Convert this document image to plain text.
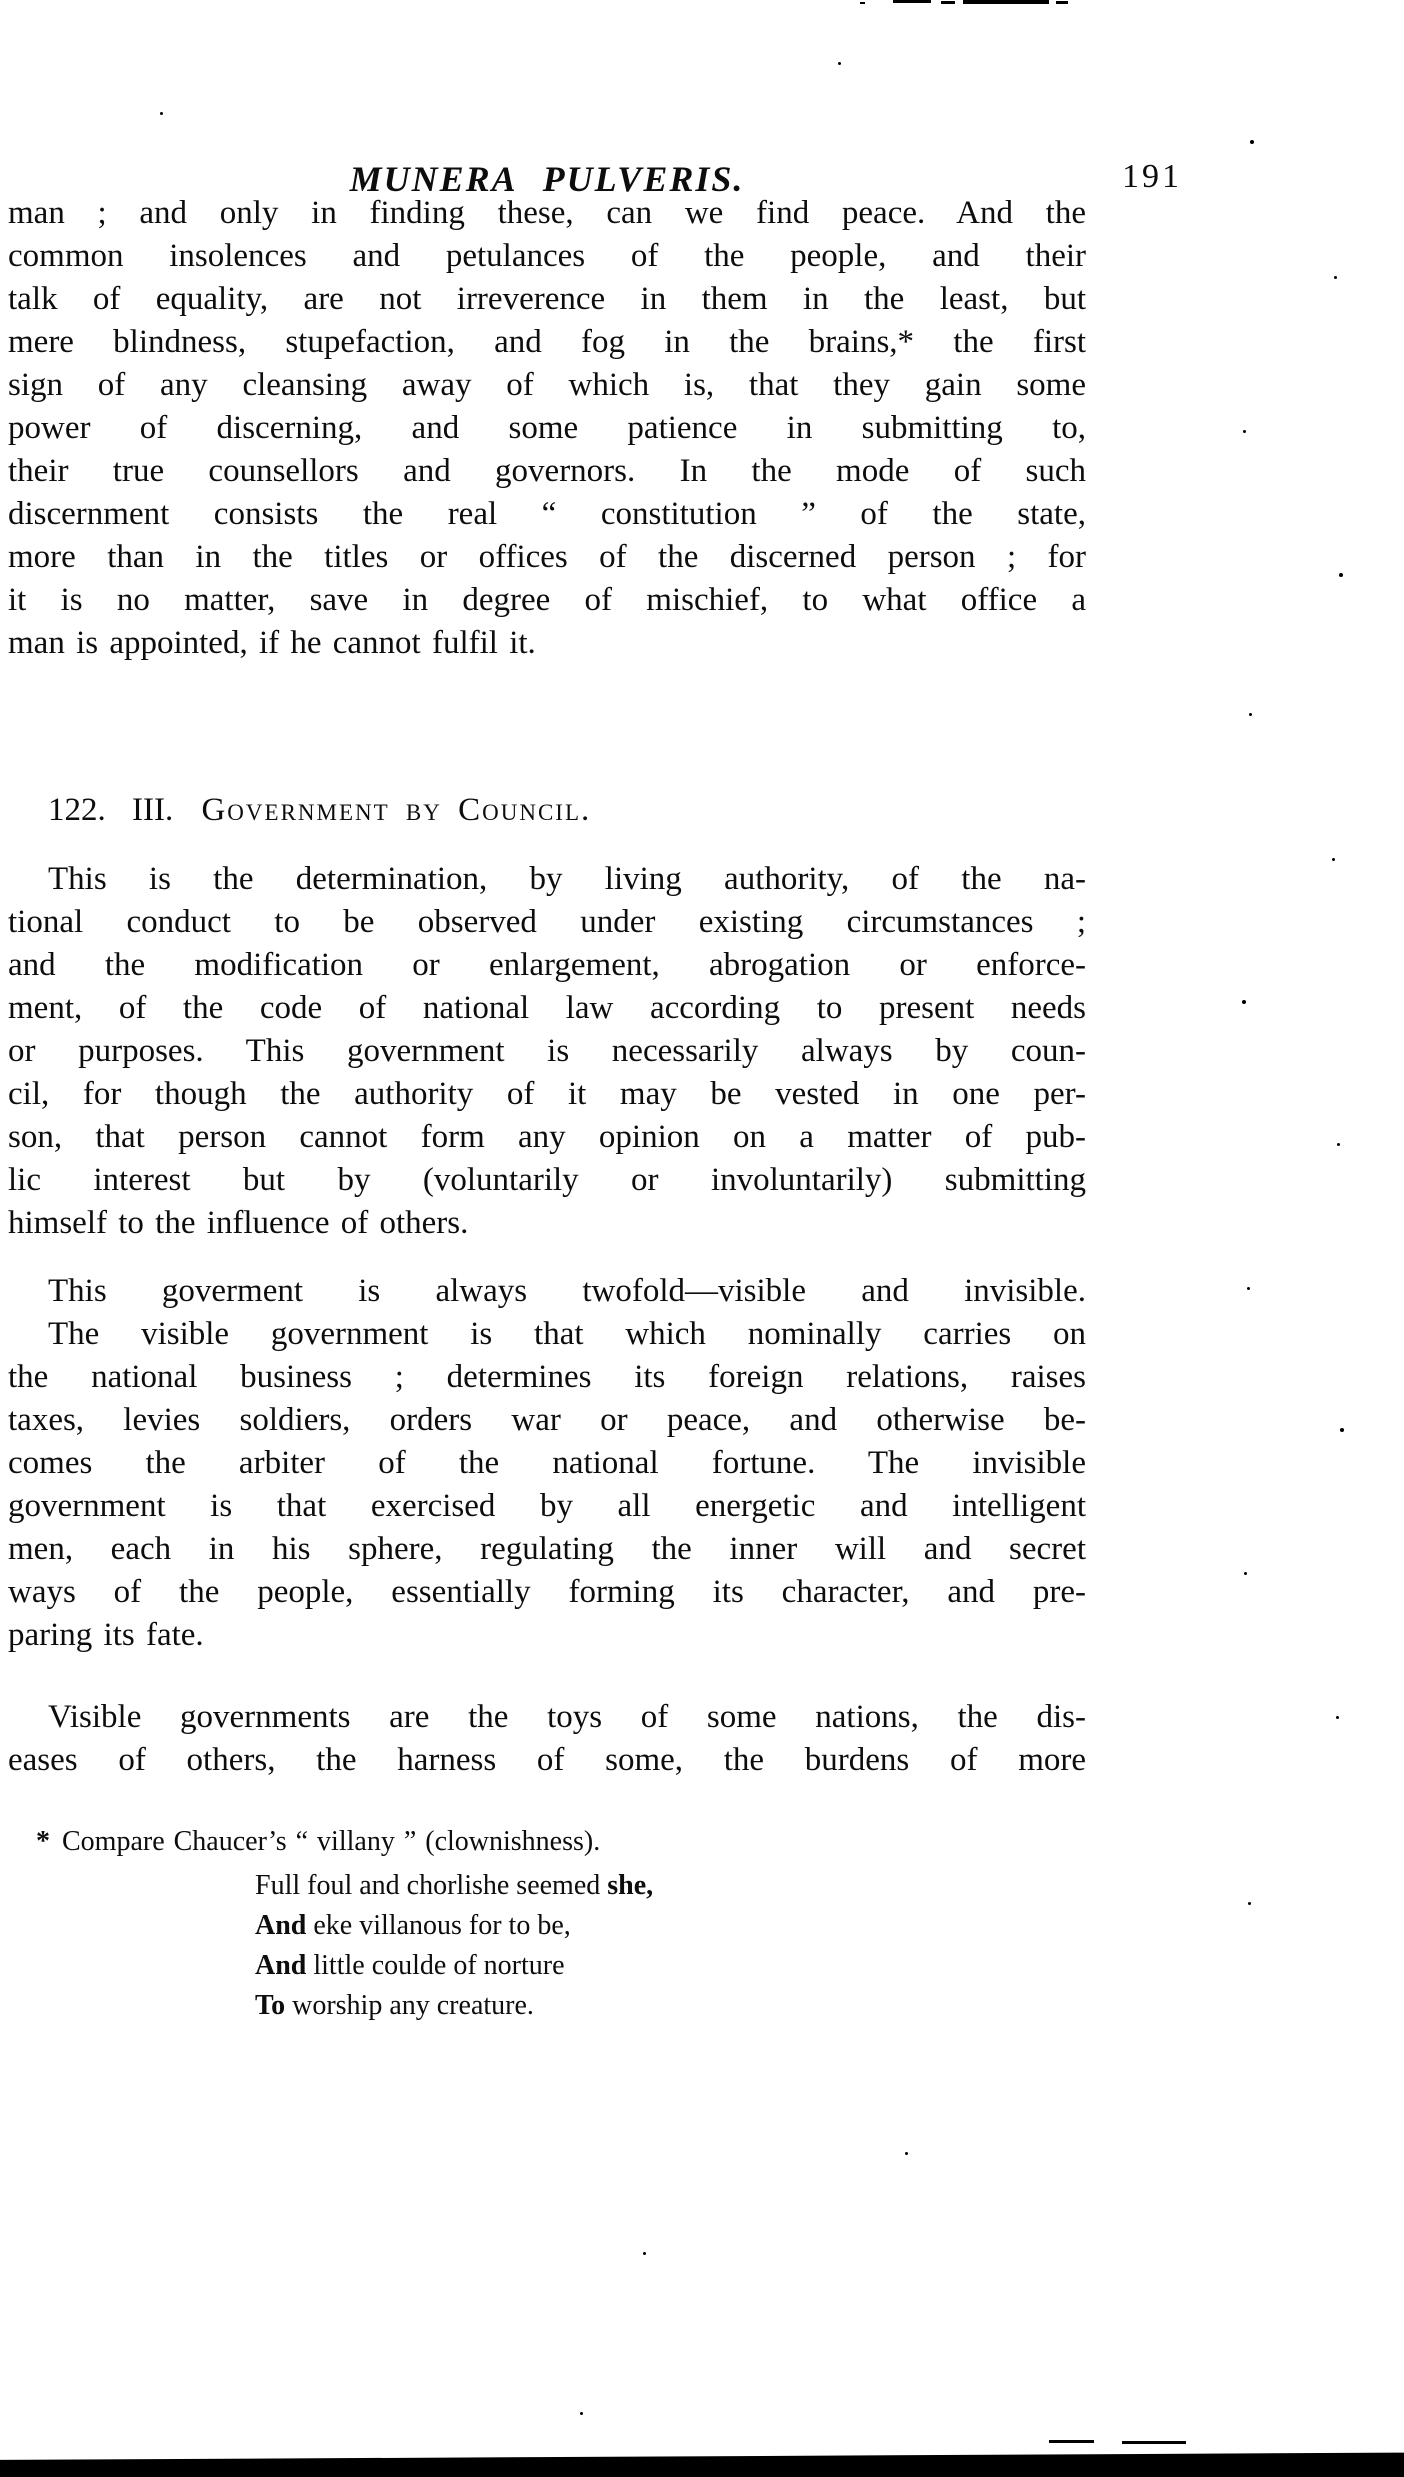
MUNERA PULVERIS.	191
man ; and only in finding these, can we find peace. And the
common insolences and petulances of the people, and their
talk of equality, are not irreverence in them in the least, but
mere blindness, stupefaction, and fog in the brains,* the first
sign of any cleansing away of which is, that they gain some
power of discerning, and some patience in submitting to,
their true counsellors and governors. In the mode of such
discernment consists the real “ constitution ” of the state,
more than in the titles or offices of the discerned person ; for
it is no matter, save in degree of mischief, to what office a
man is appointed, if he cannot fulfil it.
122. III. Government by Council.
This is the determination, by living authority, of the na-
tional conduct to be observed under existing circumstances ;
and the modification or enlargement, abrogation or enforce-
ment, of the code of national law according to present needs
or purposes. This government is necessarily always by coun-
cil, for though the authority of it may be vested in one per-
son, that person cannot form any opinion on a matter of pub-
lic interest but by (voluntarily or involuntarily) submitting
himself to the influence of others.
This goverment is always twofold—visible and invisible.
The visible government is that which nominally carries on
the national business ; determines its foreign relations, raises
taxes, levies soldiers, orders war or peace, and otherwise be-
comes the arbiter of the national fortune. The invisible
government is that exercised by all energetic and intelligent
men, each in his sphere, regulating the inner will and secret
ways of the people, essentially forming its character, and pre-
paring its fate.
Visible governments are the toys of some nations, the dis-
eases of others, the harness of some, the burdens of more
* Compare Chaucer’s “ villany ” (clownishness).
Full foul and chorlishe seemed she,
And eke villanous for to be,
And little coulde of norture
To worship any creature.
